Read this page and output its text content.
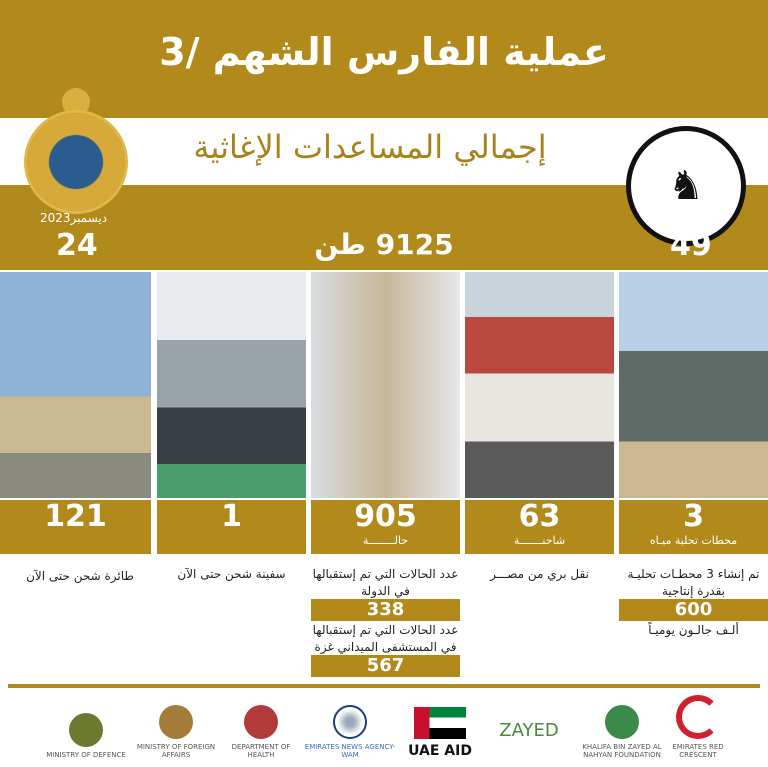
عملية الفارس الشهم /3
إجمالي المساعدات الإغاثية
♞
ديسمبر2023
24
اليوم
49
9125 طن
121	1	905
حالــــــــة
63
شاحنـــــــة
3
محطات تحلية ميـاه
طائرة شحن حتى الآن	سفينة شحن حتى الآن	عدد الحالات التي تم إستقبالها في الدولة
338
عدد الحالات التي تم إستقبالها في المستشفى الميداني غزة
567
نقل بري من مصـــر	تم إنشاء 3 محطـات تحليـة بقدرة إنتاجية
600
ألـف جالـون يوميـاً
MINISTRY OF DEFENCE
MINISTRY OF FOREIGN AFFAIRS
DEPARTMENT OF HEALTH
EMIRATES NEWS AGENCY-WAM	UAE AID
ZAYED
KHALIFA BIN ZAYED AL NAHYAN FOUNDATION
EMIRATES RED CRESCENT
